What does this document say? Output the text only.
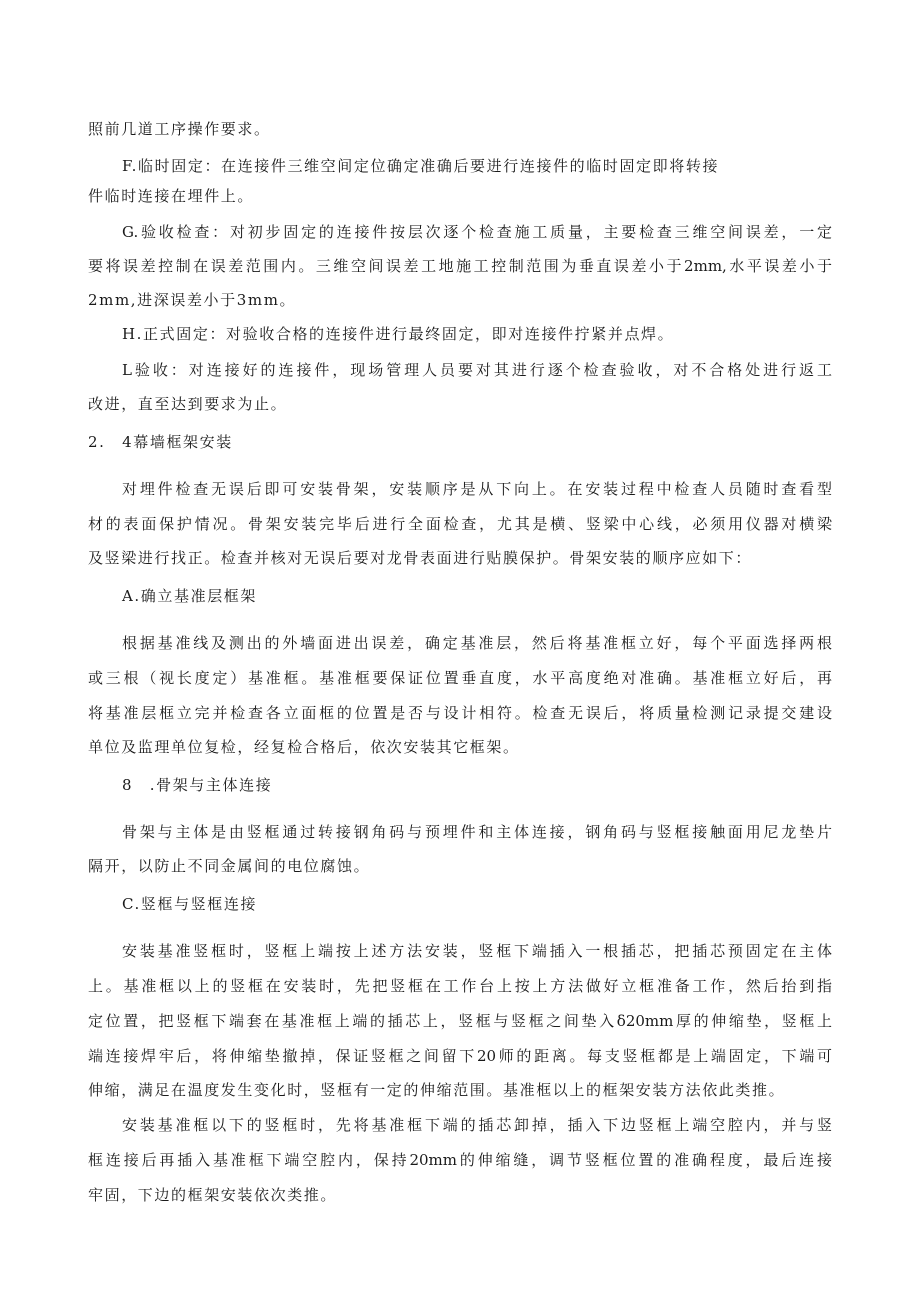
照前几道工序操作要求。
F.临时固定：在连接件三维空间定位确定准确后要进行连接件的临时固定即将转接
件临时连接在埋件上。
G.验收检查：对初步固定的连接件按层次逐个检查施工质量，主要检查三维空间误差，一定
要将误差控制在误差范围内。三维空间误差工地施工控制范围为垂直误差小于2mm,水平误差小于
2mm,进深误差小于3mm。
H.正式固定：对验收合格的连接件进行最终固定，即对连接件拧紧并点焊。
L验收：对连接好的连接件，现场管理人员要对其进行逐个检查验收，对不合格处进行返工
改进，直至达到要求为止。
2.　4幕墙框架安装
对埋件检查无误后即可安装骨架，安装顺序是从下向上。在安装过程中检查人员随时查看型
材的表面保护情况。骨架安装完毕后进行全面检查，尤其是横、竖梁中心线，必须用仪器对横梁
及竖梁进行找正。检查并核对无误后要对龙骨表面进行贴膜保护。骨架安装的顺序应如下：
A.确立基准层框架
根据基准线及测出的外墙面进出误差，确定基准层，然后将基准框立好，每个平面选择两根
或三根（视长度定）基准框。基准框要保证位置垂直度，水平高度绝对准确。基准框立好后，再
将基准层框立完并检查各立面框的位置是否与设计相符。检查无误后，将质量检测记录提交建设
单位及监理单位复检，经复检合格后，依次安装其它框架。
8　.骨架与主体连接
骨架与主体是由竖框通过转接钢角码与预埋件和主体连接，钢角码与竖框接触面用尼龙垫片
隔开，以防止不同金属间的电位腐蚀。
C.竖框与竖框连接
安装基准竖框时，竖框上端按上述方法安装，竖框下端插入一根插芯，把插芯预固定在主体
上。基准框以上的竖框在安装时，先把竖框在工作台上按上方法做好立框准备工作，然后抬到指
定位置，把竖框下端套在基准框上端的插芯上，竖框与竖框之间垫入δ20mm厚的伸缩垫，竖框上
端连接焊牢后，将伸缩垫撤掉，保证竖框之间留下20师的距离。每支竖框都是上端固定，下端可
伸缩，满足在温度发生变化时，竖框有一定的伸缩范围。基准框以上的框架安装方法依此类推。
安装基准框以下的竖框时，先将基准框下端的插芯卸掉，插入下边竖框上端空腔内，并与竖
框连接后再插入基准框下端空腔内，保持20mm的伸缩缝，调节竖框位置的准确程度，最后连接
牢固，下边的框架安装依次类推。
